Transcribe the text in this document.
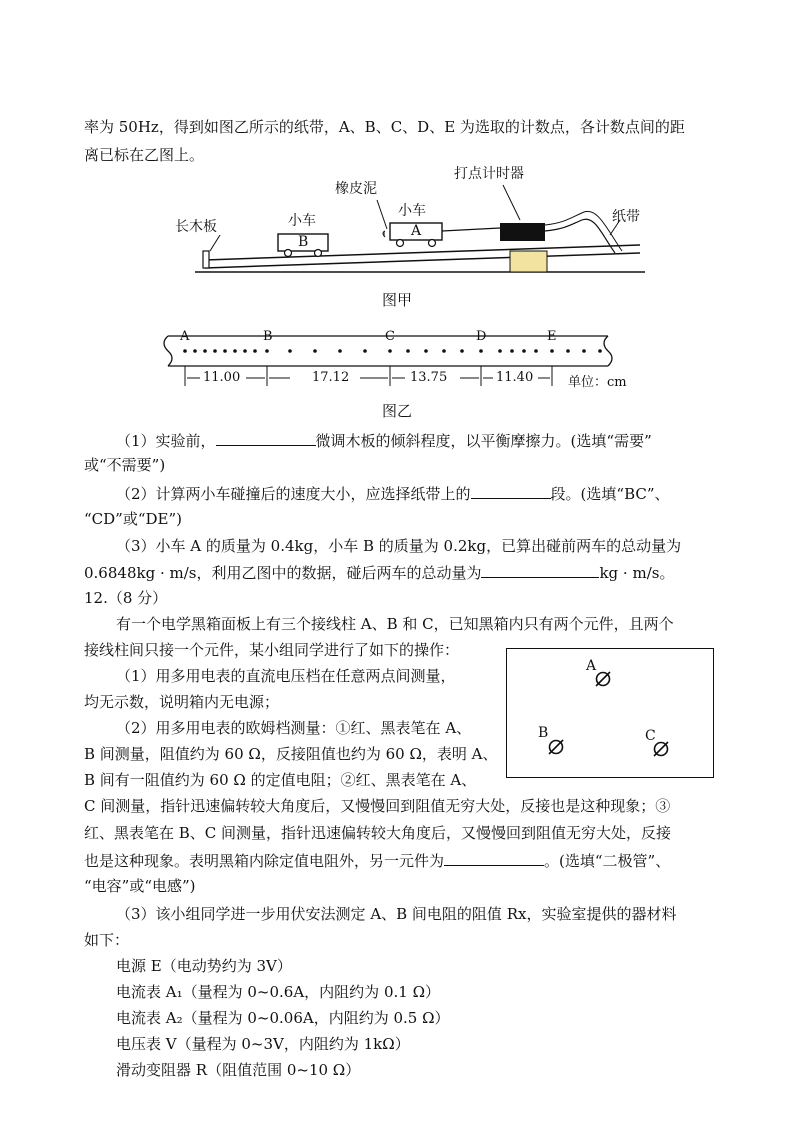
率为 50Hz，得到如图乙所示的纸带，A、B、C、D、E 为选取的计数点，各计数点间的距
离已标在乙图上。
长木板	小车
B
橡皮泥
小车
A
打点计时器
纸带
图甲
A	B	C	D	E
11.00	17.12	13.75	11.40	单位：cm
图乙
（1）实验前，	微调木板的倾斜程度，以平衡摩擦力。(选填“需要”
或“不需要”)
（2）计算两小车碰撞后的速度大小，应选择纸带上的	段。(选填“BC”、
“CD”或“DE”)
（3）小车 A 的质量为 0.4kg，小车 B 的质量为 0.2kg，已算出碰前两车的总动量为
0.6848kg · m/s，利用乙图中的数据，碰后两车的总动量为	kg · m/s。
12.（8 分）
有一个电学黑箱面板上有三个接线柱 A、B 和 C，已知黑箱内只有两个元件，且两个
接线柱间只接一个元件，某小组同学进行了如下的操作：
（1）用多用电表的直流电压档在任意两点间测量，
均无示数，说明箱内无电源；
（2）用多用电表的欧姆档测量：①红、黑表笔在 A、
B 间测量，阻值约为 60 Ω，反接阻值也约为 60 Ω，表明 A、
B 间有一阻值约为 60 Ω 的定值电阻；②红、黑表笔在 A、
A
B	C
C 间测量，指针迅速偏转较大角度后，又慢慢回到阻值无穷大处，反接也是这种现象；③
红、黑表笔在 B、C 间测量，指针迅速偏转较大角度后，又慢慢回到阻值无穷大处，反接
也是这种现象。表明黑箱内除定值电阻外，另一元件为	。(选填“二极管”、
“电容”或“电感”)
（3）该小组同学进一步用伏安法测定 A、B 间电阻的阻值 Rx，实验室提供的器材料
如下：
电源 E（电动势约为 3V）
电流表 A₁（量程为 0~0.6A，内阻约为 0.1 Ω）
电流表 A₂（量程为 0~0.06A，内阻约为 0.5 Ω）
电压表 V（量程为 0~3V，内阻约为 1kΩ）
滑动变阻器 R（阻值范围 0~10 Ω）
